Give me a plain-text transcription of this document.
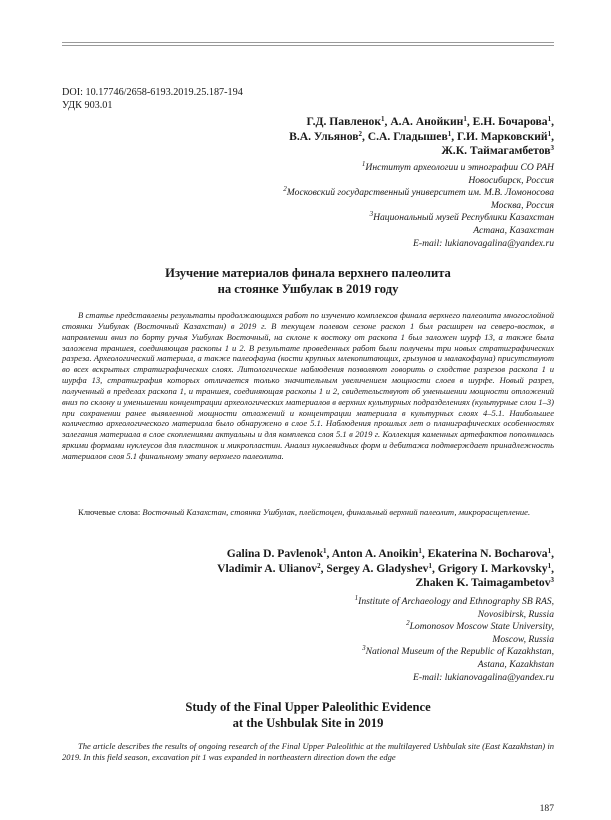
DOI: 10.17746/2658-6193.2019.25.187-194
УДК 903.01
Г.Д. Павленок$^1$, А.А. Анойкин$^1$, Е.Н. Бочарова$^1$,
В.А. Ульянов$^2$, С.А. Гладышев$^1$, Г.И. Марковский$^1$,
Ж.К. Таймагамбетов$^3$
$^1$Институт археологии и этнографии СО РАН
Новосибирск, Россия
$^2$Московский государственный университет им. М.В. Ломоносова
Москва, Россия
$^3$Национальный музей Республики Казахстан
Астана, Казахстан
E-mail: lukianovagalina@yandex.ru
Изучение материалов финала верхнего палеолита
на стоянке Ушбулак в 2019 году

В статье представлены результаты продолжающихся работ по изучению комплексов финала верхнего палеолита многослойной стоянки Ушбулак (Восточный Казахстан) в 2019 г. В текущем полевом сезоне раскоп 1 был расширен на северо-восток, в направлении вниз по борту ручья Ушбулак Восточный, на склоне к востоку от раскопа 1 был заложен шурф 13, а также была заложена траншея, соединяющая раскопы 1 и 2. В результате проведенных работ были получены три новых стратиграфических разреза. Археологический материал, а также палеофауна (кости крупных млекопитающих, грызунов и малакофауна) присутствуют во всех вскрытых стратиграфических слоях. Литологические наблюдения позволяют говорить о сходстве разрезов раскопа 1 и шурфа 13, стратиграфия которых отличается только значительным увеличением мощности слоев в шурфе. Новый разрез, полученный в пределах раскопа 1, и траншея, соединяющая раскопы 1 и 2, свидетельствуют об уменьшении мощности отложений вниз по склону и уменьшении концентрации археологических материалов в верхних культурных подразделениях (культурные слои 1–3) при сохранении ранее выявленной мощности отложений и концентрации материала в культурных слоях 4–5.1. Наибольшее количество археологического материала было обнаружено в слое 5.1. Наблюдения прошлых лет о планиграфических особенностях залегания материала в слое скоплениями актуальны и для комплекса слоя 5.1 в 2019 г. Коллекция каменных артефактов пополнилась яркими формами нуклеусов для пластинок и микропластин. Анализ нуклевидных форм и дебитажа подтверждает принадлежность материалов слоя 5.1 финальному этапу верхнего палеолита.

Ключевые слова: Восточный Казахстан, стоянка Ушбулак, плейстоцен, финальный верхний палеолит, микрорасщепление.

Galina D. Pavlenok$^1$, Anton A. Anoikin$^1$, Ekaterina N. Bocharova$^1$,
Vladimir A. Ulianov$^2$, Sergey A. Gladyshev$^1$, Grigory I. Markovsky$^1$,
Zhaken K. Taimagambetov$^3$
$^1$Institute of Archaeology and Ethnography SB RAS,
Novosibirsk, Russia
$^2$Lomonosov Moscow State University,
Moscow, Russia
$^3$National Museum of the Republic of Kazakhstan,
Astana, Kazakhstan
E-mail: lukianovagalina@yandex.ru
Study of the Final Upper Paleolithic Evidence
at the Ushbulak Site in 2019

The article describes the results of ongoing research of the Final Upper Paleolithic at the multilayered Ushbulak site (East Kazakhstan) in 2019. In this field season, excavation pit 1 was expanded in northeastern direction down the edge

187
